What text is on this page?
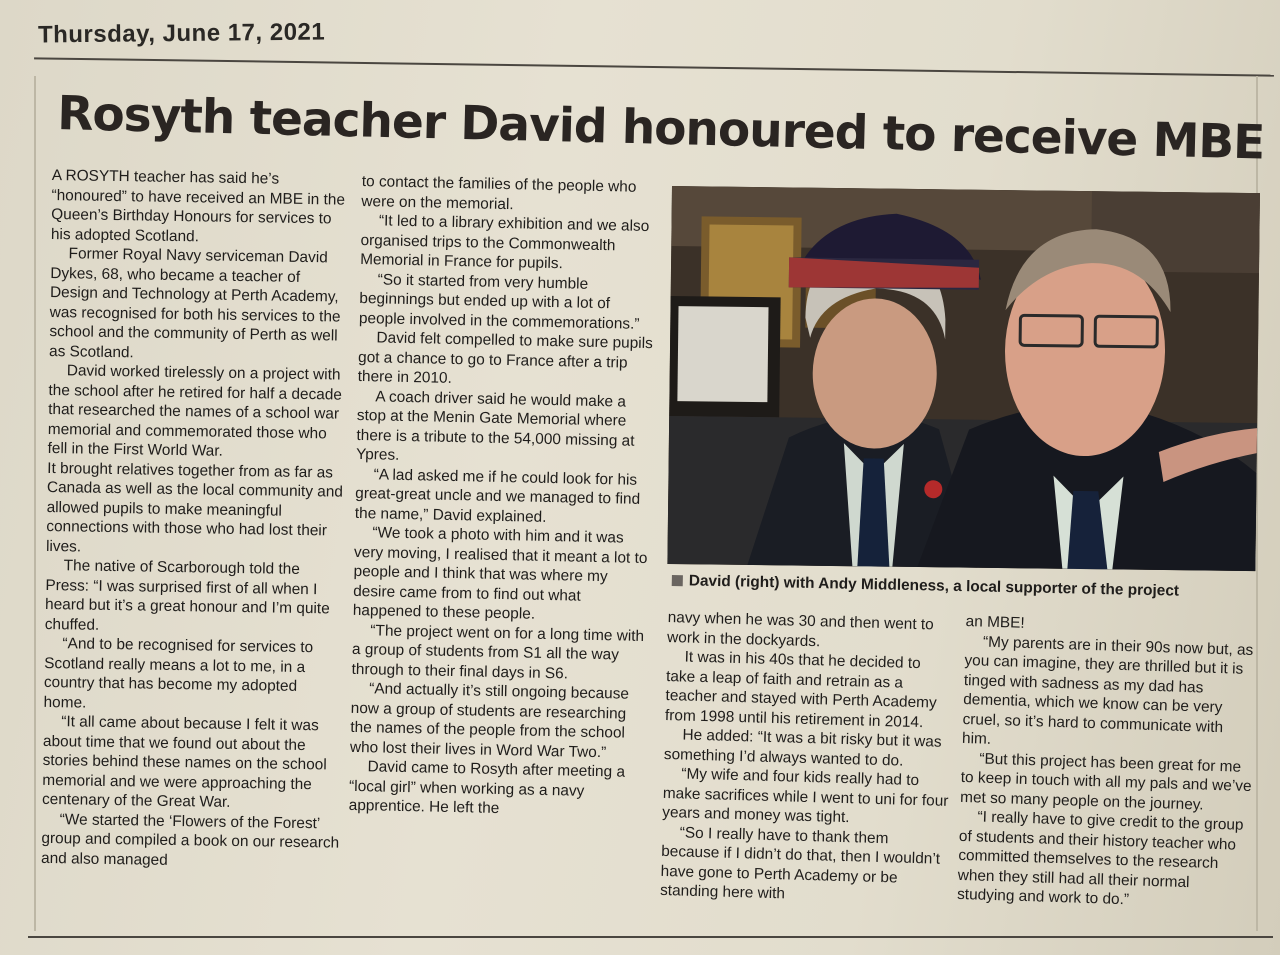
Thursday, June 17, 2021
Rosyth teacher David honoured to receive MBE

A ROSYTH teacher has said he’s “honoured” to have received an MBE in the Queen’s Birthday Honours for services to his adopted Scotland.

Former Royal Navy serviceman David Dykes, 68, who became a teacher of Design and Technology at Perth Academy, was recognised for both his services to the school and the community of Perth as well as Scotland.

David worked tirelessly on a project with the school after he retired for half a decade that researched the names of a school war memorial and commemorated those who fell in the First World War.

It brought relatives together from as far as Canada as well as the local community and allowed pupils to make meaningful connections with those who had lost their lives.

The native of Scarborough told the Press: “I was surprised first of all when I heard but it’s a great honour and I’m quite chuffed.

“And to be recognised for services to Scotland really means a lot to me, in a country that has become my adopted home.

“It all came about because I felt it was about time that we found out about the stories behind these names on the school memorial and we were approaching the centenary of the Great War.

“We started the ‘Flowers of the Forest’ group and compiled a book on our research and also managed

to contact the families of the people who were on the memorial.

“It led to a library exhibition and we also organised trips to the Commonwealth Memorial in France for pupils.

“So it started from very humble beginnings but ended up with a lot of people involved in the commemorations.”

David felt compelled to make sure pupils got a chance to go to France after a trip there in 2010.

A coach driver said he would make a stop at the Menin Gate Memorial where there is a tribute to the 54,000 missing at Ypres.

“A lad asked me if he could look for his great-great uncle and we managed to find the name,” David explained.

“We took a photo with him and it was very moving, I realised that it meant a lot to people and I think that was where my desire came from to find out what happened to these people.

“The project went on for a long time with a group of students from S1 all the way through to their final days in S6.

“And actually it’s still ongoing because now a group of students are researching the names of the people from the school who lost their lives in Word War Two.”

David came to Rosyth after meeting a “local girl” when working as a navy apprentice. He left the

David (right) with Andy Middleness, a local supporter of the project

navy when he was 30 and then went to work in the dockyards.

It was in his 40s that he decided to take a leap of faith and retrain as a teacher and stayed with Perth Academy from 1998 until his retirement in 2014.

He added: “It was a bit risky but it was something I’d always wanted to do.

“My wife and four kids really had to make sacrifices while I went to uni for four years and money was tight.

“So I really have to thank them because if I didn’t do that, then I wouldn’t have gone to Perth Academy or be standing here with

an MBE!

“My parents are in their 90s now but, as you can imagine, they are thrilled but it is tinged with sadness as my dad has dementia, which we know can be very cruel, so it’s hard to communicate with him.

“But this project has been great for me to keep in touch with all my pals and we’ve met so many people on the journey.

“I really have to give credit to the group of students and their history teacher who committed themselves to the research when they still had all their normal studying and work to do.”
